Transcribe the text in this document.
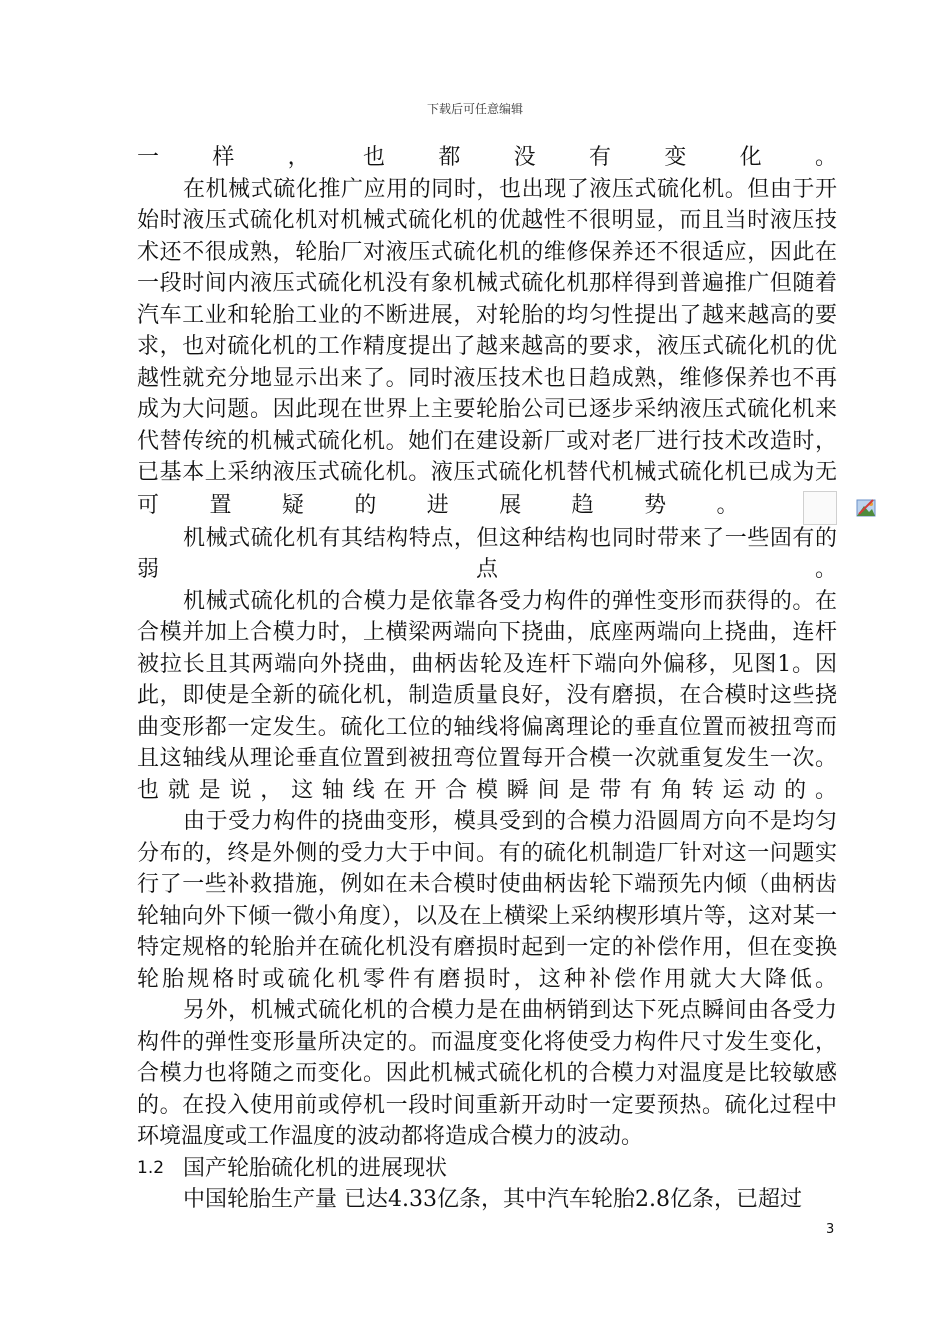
下载后可任意编辑

一样，也都没有变化。

在机械式硫化推广应用的同时，也出现了液压式硫化机。但由于开始时液压式硫化机对机械式硫化机的优越性不很明显，而且当时液压技术还不很成熟，轮胎厂对液压式硫化机的维修保养还不很适应，因此在一段时间内液压式硫化机没有象机械式硫化机那样得到普遍推广但随着汽车工业和轮胎工业的不断进展，对轮胎的均匀性提出了越来越高的要求，也对硫化机的工作精度提出了越来越高的要求，液压式硫化机的优越性就充分地显示出来了。同时液压技术也日趋成熟，维修保养也不再成为大问题。因此现在世界上主要轮胎公司已逐步采纳液压式硫化机来代替传统的机械式硫化机。她们在建设新厂或对老厂进行技术改造时，已基本上采纳液压式硫化机。液压式硫化机替代机械式硫化机已成为无可置疑的进展趋势。

机械式硫化机有其结构特点，但这种结构也同时带来了一些固有的弱点。

机械式硫化机的合模力是依靠各受力构件的弹性变形而获得的。在合模并加上合模力时，上横梁两端向下挠曲，底座两端向上挠曲，连杆被拉长且其两端向外挠曲，曲柄齿轮及连杆下端向外偏移，见图1。因此，即使是全新的硫化机，制造质量良好，没有磨损，在合模时这些挠曲变形都一定发生。硫化工位的轴线将偏离理论的垂直位置而被扭弯而且这轴线从理论垂直位置到被扭弯位置每开合模一次就重复发生一次。也就是说，这轴线在开合模瞬间是带有角转运动的。

由于受力构件的挠曲变形，模具受到的合模力沿圆周方向不是均匀分布的，终是外侧的受力大于中间。有的硫化机制造厂针对这一问题实行了一些补救措施，例如在未合模时使曲柄齿轮下端预先内倾（曲柄齿轮轴向外下倾一微小角度），以及在上横梁上采纳楔形填片等，这对某一特定规格的轮胎并在硫化机没有磨损时起到一定的补偿作用，但在变换轮胎规格时或硫化机零件有磨损时，这种补偿作用就大大降低。

另外，机械式硫化机的合模力是在曲柄销到达下死点瞬间由各受力构件的弹性变形量所决定的。而温度变化将使受力构件尺寸发生变化，合模力也将随之而变化。因此机械式硫化机的合模力对温度是比较敏感的。在投入使用前或停机一段时间重新开动时一定要预热。硫化过程中环境温度或工作温度的波动都将造成合模力的波动。

1.2 国产轮胎硫化机的进展现状

中国轮胎生产量 已达4.33亿条，其中汽车轮胎2.8亿条，已超过

3
